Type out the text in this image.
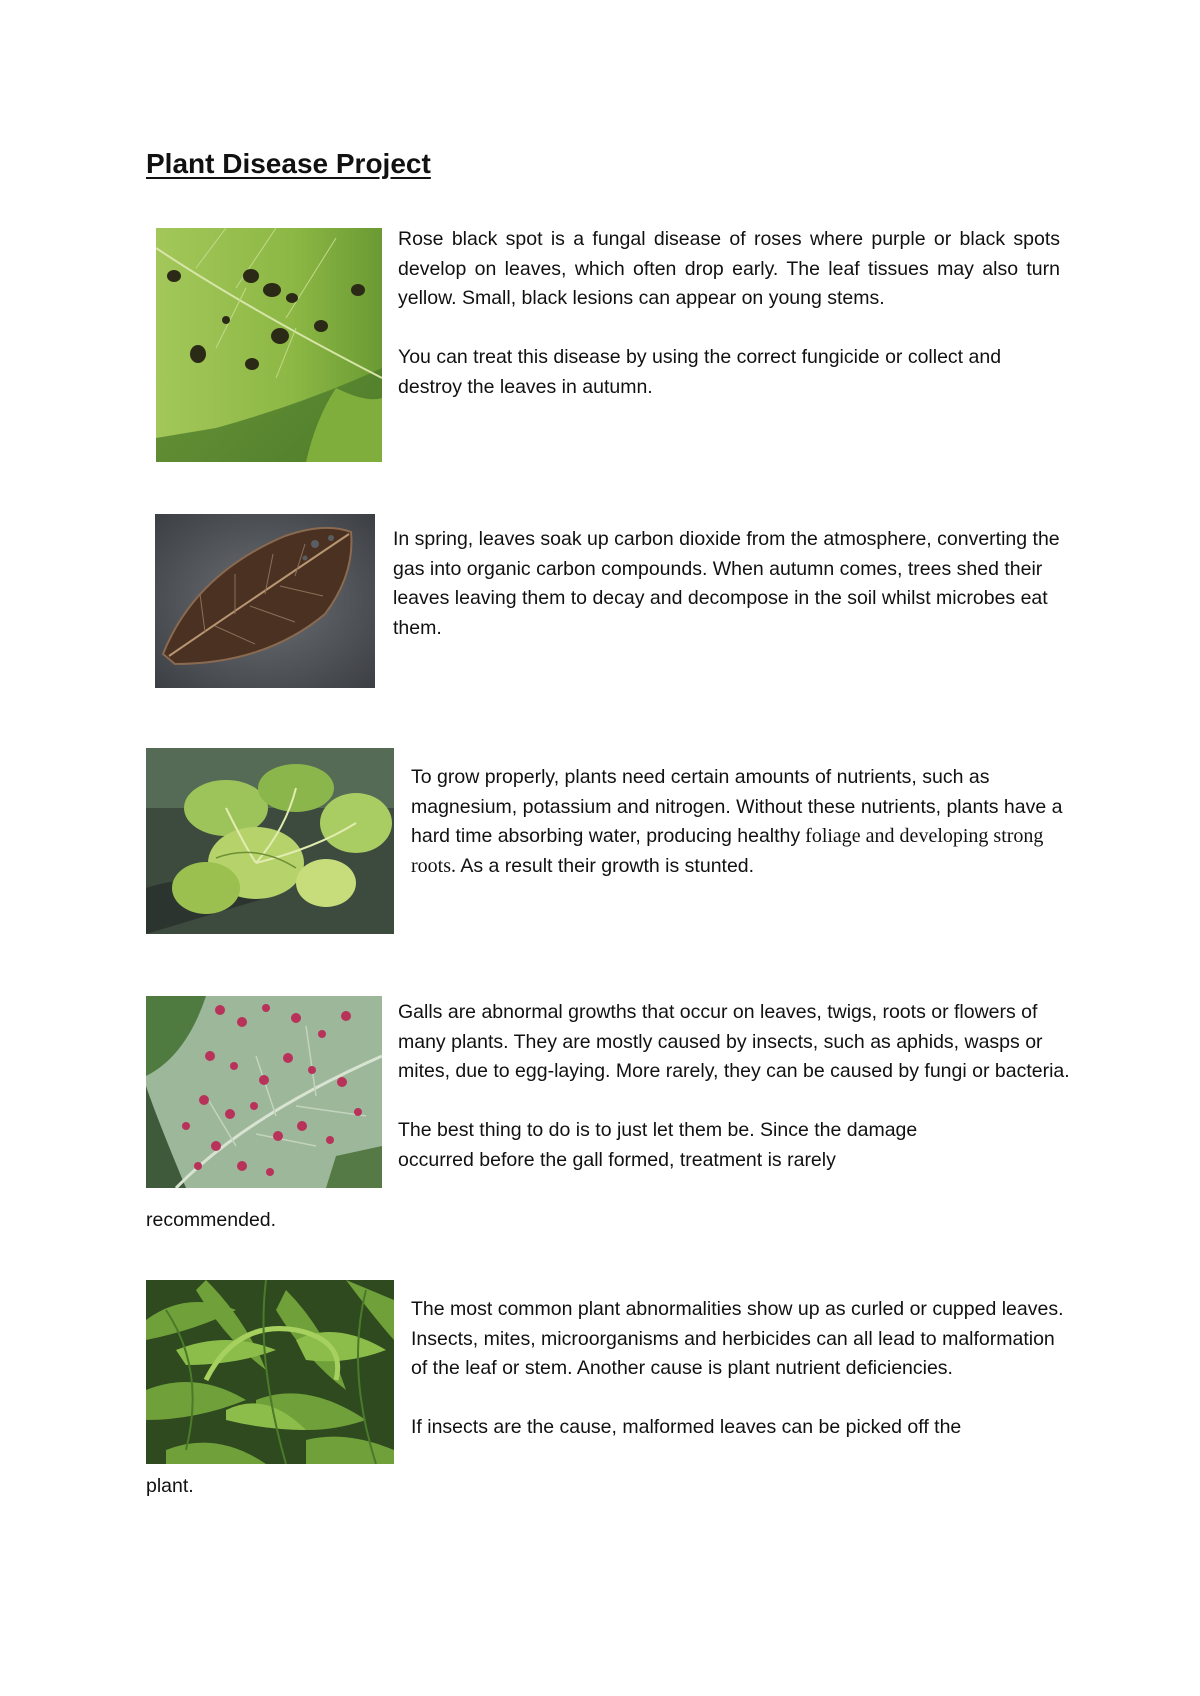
Plant Disease Project

Rose black spot is a fungal disease of roses where purple or black spots develop on leaves, which often drop early. The leaf tissues may also turn yellow. Small, black lesions can appear on young stems.

You can treat this disease by using the correct fungicide or collect and destroy the leaves in autumn.

In spring, leaves soak up carbon dioxide from the atmosphere, converting the gas into organic carbon compounds. When autumn comes, trees shed their leaves leaving them to decay and decompose in the soil whilst microbes eat them.

To grow properly, plants need certain amounts of nutrients, such as magnesium, potassium and nitrogen. Without these nutrients, plants have a hard time absorbing water, producing healthy foliage and developing strong roots. As a result their growth is stunted.

Galls are abnormal growths that occur on leaves, twigs, roots or flowers of many plants. They are mostly caused by insects, such as aphids, wasps or mites, due to egg-laying. More rarely, they can be caused by fungi or bacteria.

The best thing to do is to just let them be. Since the damage occurred before the gall formed, treatment is rarely

recommended.

The most common plant abnormalities show up as curled or cupped leaves. Insects, mites, microorganisms and herbicides can all lead to malformation of the leaf or stem. Another cause is plant nutrient deficiencies.

If insects are the cause, malformed leaves can be picked off the

plant.
